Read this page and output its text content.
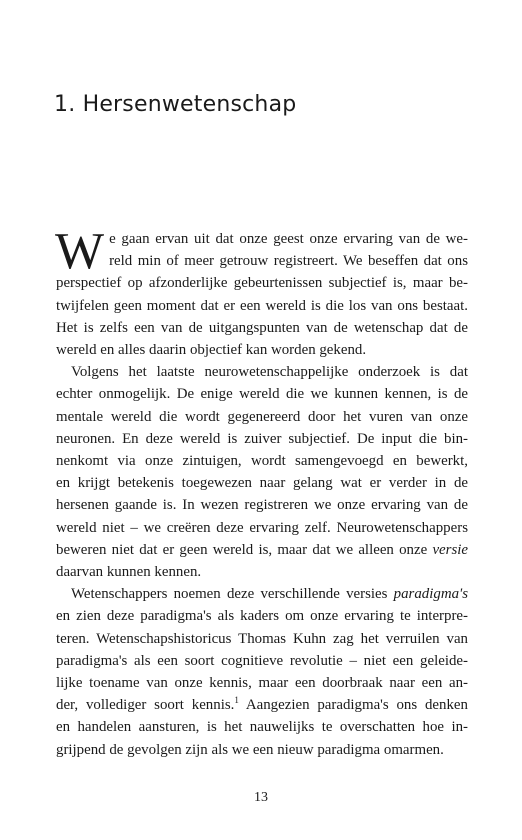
1. Hersenwetenschap
W e gaan ervan uit dat onze geest onze ervaring van de we-
reld min of meer getrouw registreert. We beseffen dat ons
perspectief op afzonderlijke gebeurtenissen subjectief is, maar be-
twijfelen geen moment dat er een wereld is die los van ons bestaat.
Het is zelfs een van de uitgangspunten van de wetenschap dat de
wereld en alles daarin objectief kan worden gekend.
Volgens het laatste neurowetenschappelijke onderzoek is dat
echter onmogelijk. De enige wereld die we kunnen kennen, is de
mentale wereld die wordt gegenereerd door het vuren van onze
neuronen. En deze wereld is zuiver subjectief. De input die bin-
nenkomt via onze zintuigen, wordt samengevoegd en bewerkt,
en krijgt betekenis toegewezen naar gelang wat er verder in de
hersenen gaande is. In wezen registreren we onze ervaring van de
wereld niet – we creëren deze ervaring zelf. Neurowetenschappers
beweren niet dat er geen wereld is, maar dat we alleen onze versie
daarvan kunnen kennen.
Wetenschappers noemen deze verschillende versies paradigma's
en zien deze paradigma's als kaders om onze ervaring te interpre-
teren. Wetenschapshistoricus Thomas Kuhn zag het verruilen van
paradigma's als een soort cognitieve revolutie – niet een geleide-
lijke toename van onze kennis, maar een doorbraak naar een an-
der, vollediger soort kennis.$^1$ Aangezien paradigma's ons denken
en handelen aansturen, is het nauwelijks te overschatten hoe in-
grijpend de gevolgen zijn als we een nieuw paradigma omarmen.
13
